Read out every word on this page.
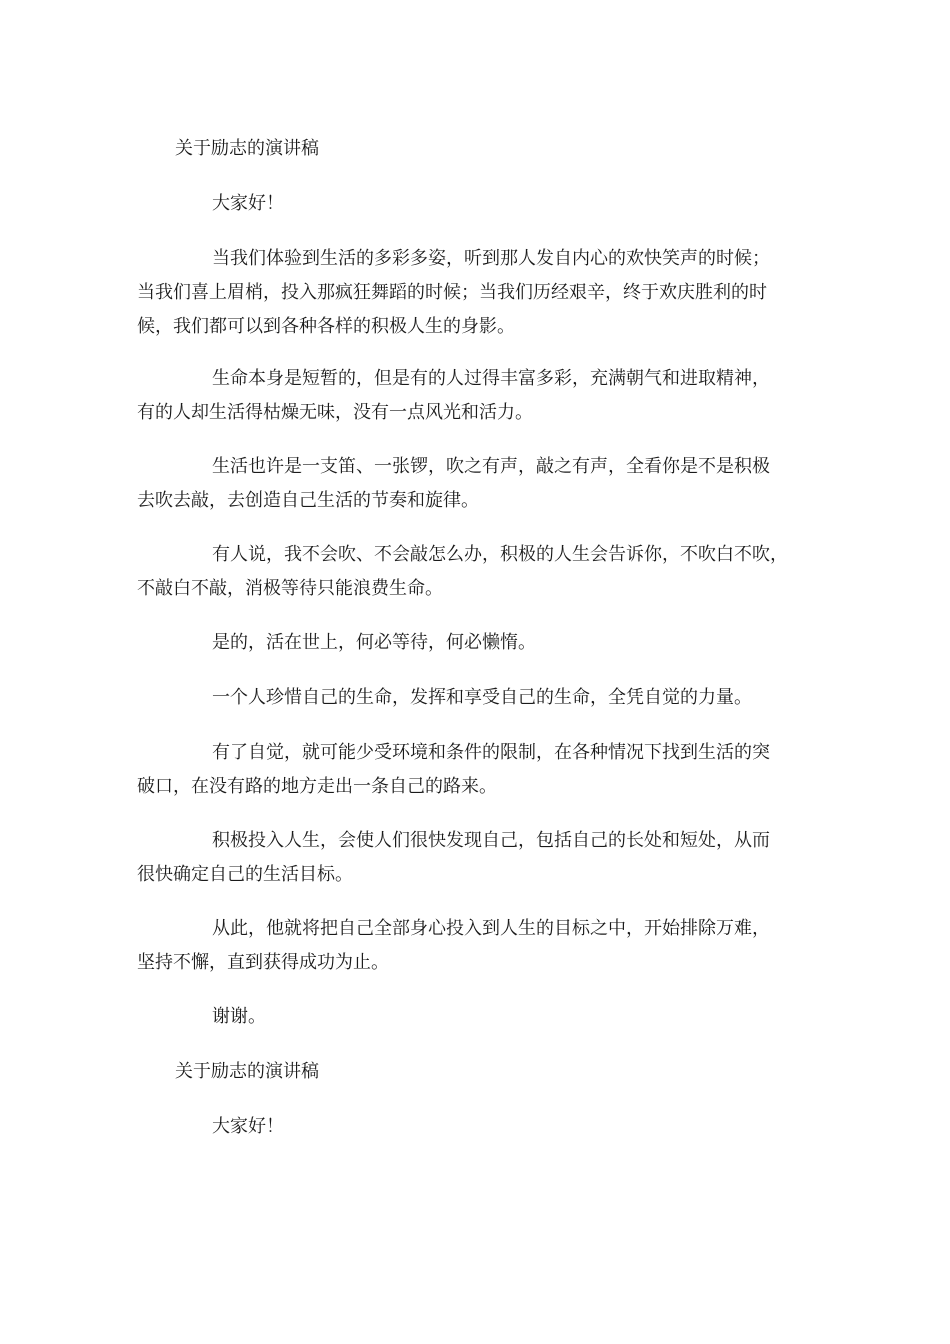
关于励志的演讲稿
大家好！
当我们体验到生活的多彩多姿，听到那人发自内心的欢快笑声的时候；
当我们喜上眉梢，投入那疯狂舞蹈的时候；当我们历经艰辛，终于欢庆胜利的时
候，我们都可以到各种各样的积极人生的身影。
生命本身是短暂的，但是有的人过得丰富多彩，充满朝气和进取精神，
有的人却生活得枯燥无味，没有一点风光和活力。
生活也许是一支笛、一张锣，吹之有声，敲之有声，全看你是不是积极
去吹去敲，去创造自己生活的节奏和旋律。
有人说，我不会吹、不会敲怎么办，积极的人生会告诉你，不吹白不吹，
不敲白不敲，消极等待只能浪费生命。
是的，活在世上，何必等待，何必懒惰。
一个人珍惜自己的生命，发挥和享受自己的生命，全凭自觉的力量。
有了自觉，就可能少受环境和条件的限制，在各种情况下找到生活的突
破口，在没有路的地方走出一条自己的路来。
积极投入人生，会使人们很快发现自己，包括自己的长处和短处，从而
很快确定自己的生活目标。
从此，他就将把自己全部身心投入到人生的目标之中，开始排除万难，
坚持不懈，直到获得成功为止。
谢谢。
关于励志的演讲稿
大家好！
